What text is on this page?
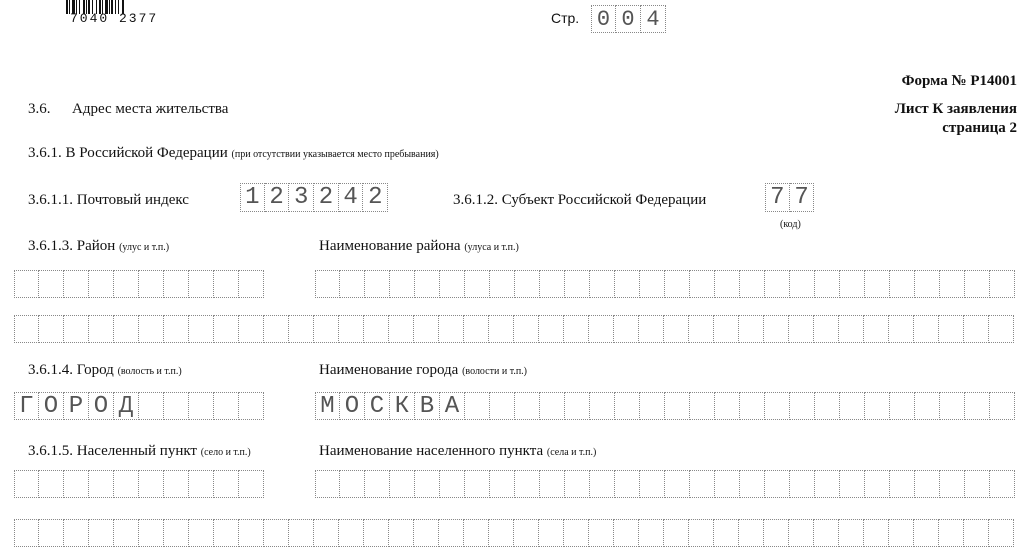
7040 2377	Стр. 0 0 4
Форма № Р14001
Лист К заявления
страница 2
3.6. Адрес места жительства
3.6.1. В Российской Федерации (при отсутствии указывается место пребывания)
3.6.1.1. Почтовый индекс 1 2 3 2 4 2	3.6.1.2. Субъект Российской Федерации	7 7
(код)
3.6.1.3. Район (улус и т.п.)	Наименование района (улуса и т.п.)
3.6.1.4. Город (волость и т.п.)	Наименование города (волости и т.п.)
Г О Р О Д	М О С К В А
3.6.1.5. Населенный пункт (село и т.п.)	Наименование населенного пункта (села и т.п.)
